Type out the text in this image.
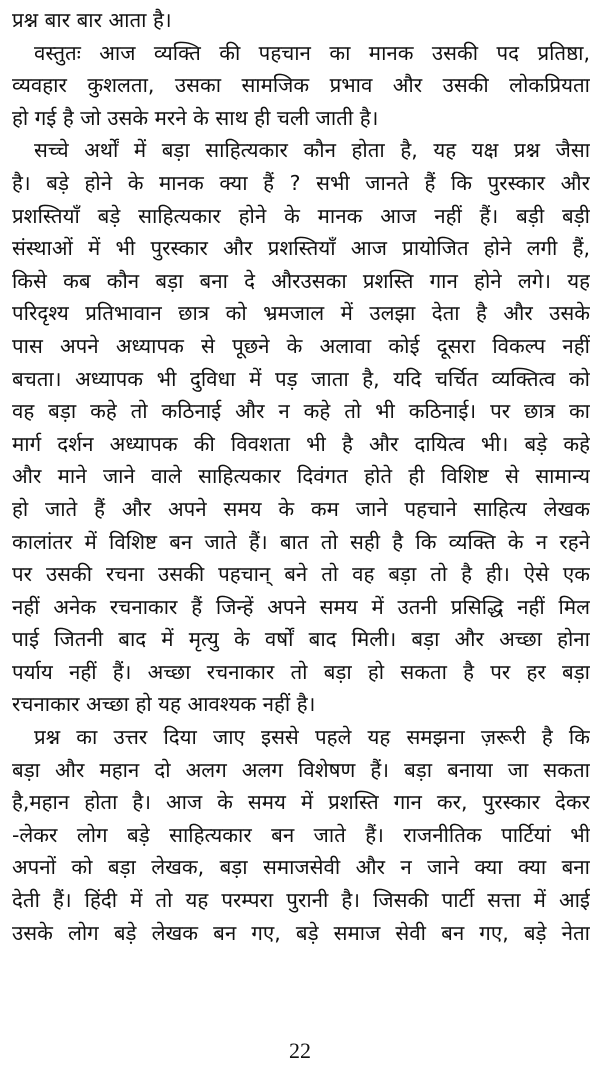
प्रश्न बार बार आता है।
वस्तुतः आज व्यक्ति की पहचान का मानक उसकी पद प्रतिष्ठा,
व्यवहार कुशलता, उसका सामजिक प्रभाव और उसकी लोकप्रियता
हो गई है जो उसके मरने के साथ ही चली जाती है।
सच्चे अर्थों में बड़ा साहित्यकार कौन होता है, यह यक्ष प्रश्न जैसा
है। बड़े होने के मानक क्या हैं ? सभी जानते हैं कि पुरस्कार और
प्रशस्तियाँ बड़े साहित्यकार होने के मानक आज नहीं हैं। बड़ी बड़ी
संस्थाओं में भी पुरस्कार और प्रशस्तियाँ आज प्रायोजित होने लगी हैं,
किसे कब कौन बड़ा बना दे औरउसका प्रशस्ति गान होने लगे। यह
परिदृश्य प्रतिभावान छात्र को भ्रमजाल में उलझा देता है और उसके
पास अपने अध्यापक से पूछने के अलावा कोई दूसरा विकल्प नहीं
बचता। अध्यापक भी दुविधा में पड़ जाता है, यदि चर्चित व्यक्तित्व को
वह बड़ा कहे तो कठिनाई और न कहे तो भी कठिनाई। पर छात्र का
मार्ग दर्शन अध्यापक की विवशता भी है और दायित्व भी। बड़े कहे
और माने जाने वाले साहित्यकार दिवंगत होते ही विशिष्ट से सामान्य
हो जाते हैं और अपने समय के कम जाने पहचाने साहित्य लेखक
कालांतर में विशिष्ट बन जाते हैं। बात तो सही है कि व्यक्ति के न रहने
पर उसकी रचना उसकी पहचान् बने तो वह बड़ा तो है ही। ऐसे एक
नहीं अनेक रचनाकार हैं जिन्हें अपने समय में उतनी प्रसिद्धि नहीं मिल
पाई जितनी बाद में मृत्यु के वर्षों बाद मिली। बड़ा और अच्छा होना
पर्याय नहीं हैं। अच्छा रचनाकार तो बड़ा हो सकता है पर हर बड़ा
रचनाकार अच्छा हो यह आवश्यक नहीं है।
प्रश्न का उत्तर दिया जाए इससे पहले यह समझना ज़रूरी है कि
बड़ा और महान दो अलग अलग विशेषण हैं। बड़ा बनाया जा सकता
है,महान होता है। आज के समय में प्रशस्ति गान कर, पुरस्कार देकर
-लेकर लोग बड़े साहित्यकार बन जाते हैं। राजनीतिक पार्टियां भी
अपनों को बड़ा लेखक, बड़ा समाजसेवी और न जाने क्या क्या बना
देती हैं। हिंदी में तो यह परम्परा पुरानी है। जिसकी पार्टी सत्ता में आई
उसके लोग बड़े लेखक बन गए, बड़े समाज सेवी बन गए, बड़े नेता
22
